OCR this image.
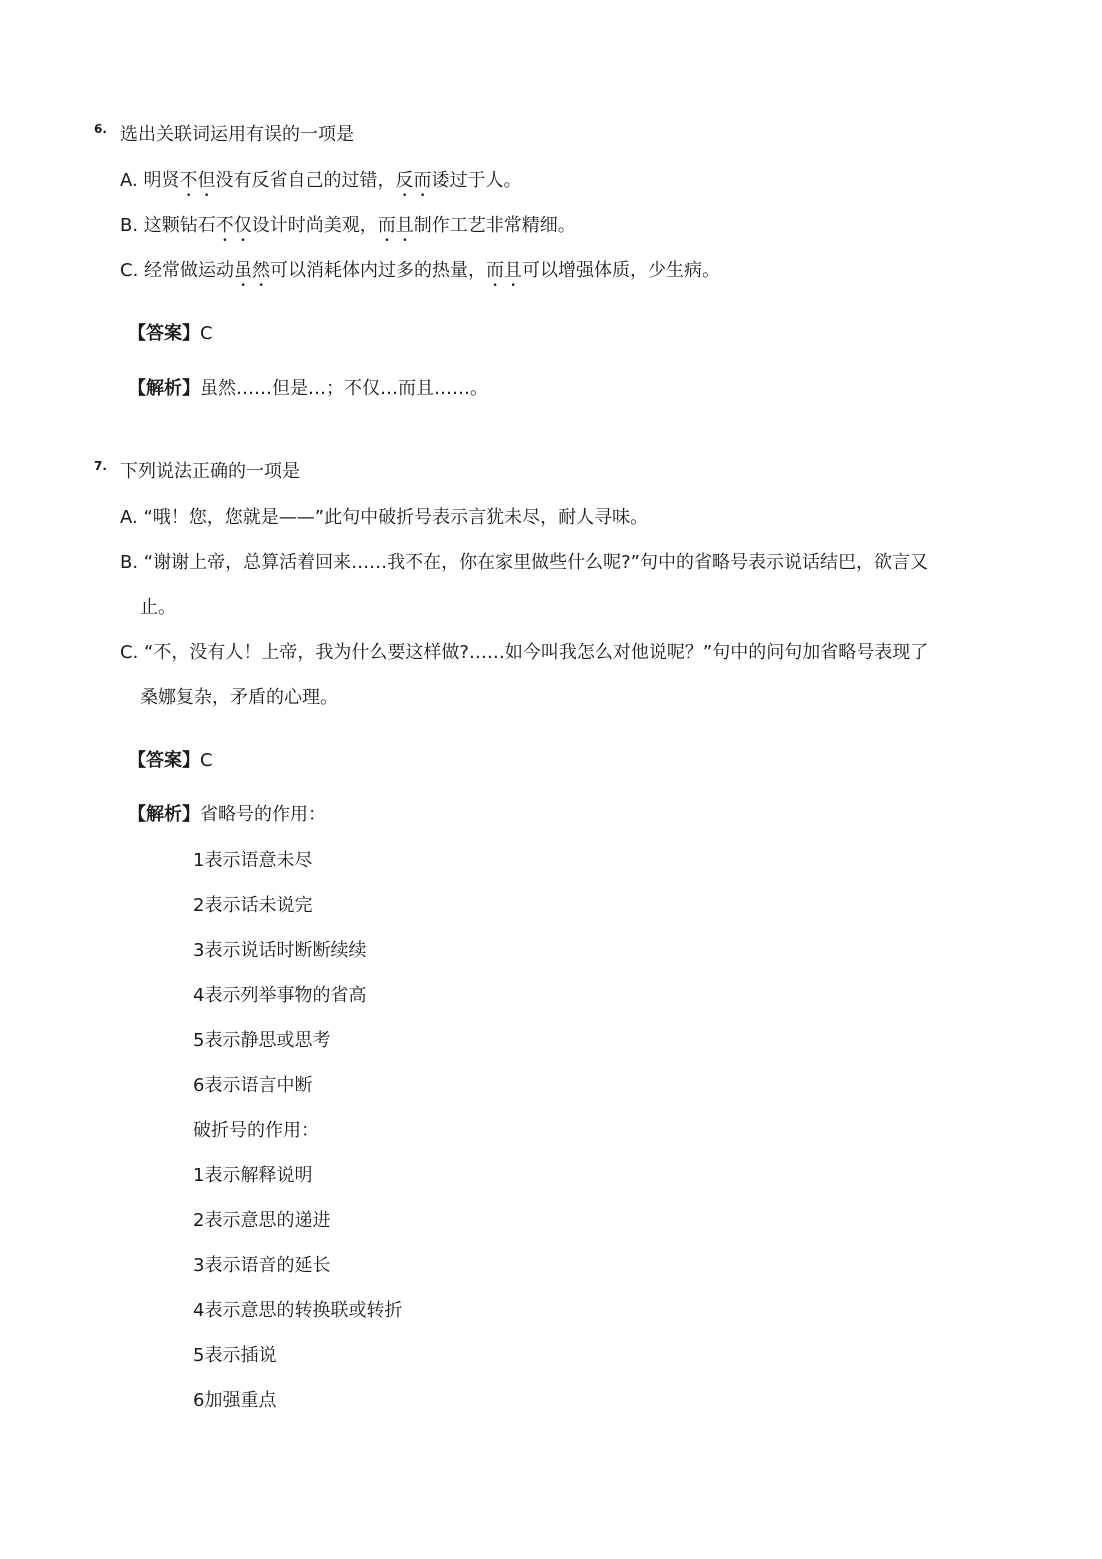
6. 选出关联词运用有误的一项是
A. 明贤不但没有反省自己的过错，反而诿过于人。
B. 这颗钻石不仅设计时尚美观，而且制作工艺非常精细。
C. 经常做运动虽然可以消耗体内过多的热量，而且可以增强体质，少生病。
【答案】C
【解析】虽然……但是…；不仅…而且……。
7. 下列说法正确的一项是
A. “哦！您，您就是——”此句中破折号表示言犹未尽，耐人寻味。
B. “谢谢上帝，总算活着回来……我不在，你在家里做些什么呢?”句中的省略号表示说话结巴，欲言又
止。
C. “不，没有人！上帝，我为什么要这样做?……如今叫我怎么对他说呢？”句中的问句加省略号表现了
桑娜复杂，矛盾的心理。
【答案】C
【解析】省略号的作用：
1表示语意未尽
2表示话未说完
3表示说话时断断续续
4表示列举事物的省高
5表示静思或思考
6表示语言中断
破折号的作用：
1表示解释说明
2表示意思的递进
3表示语音的延长
4表示意思的转换联或转折
5表示插说
6加强重点
